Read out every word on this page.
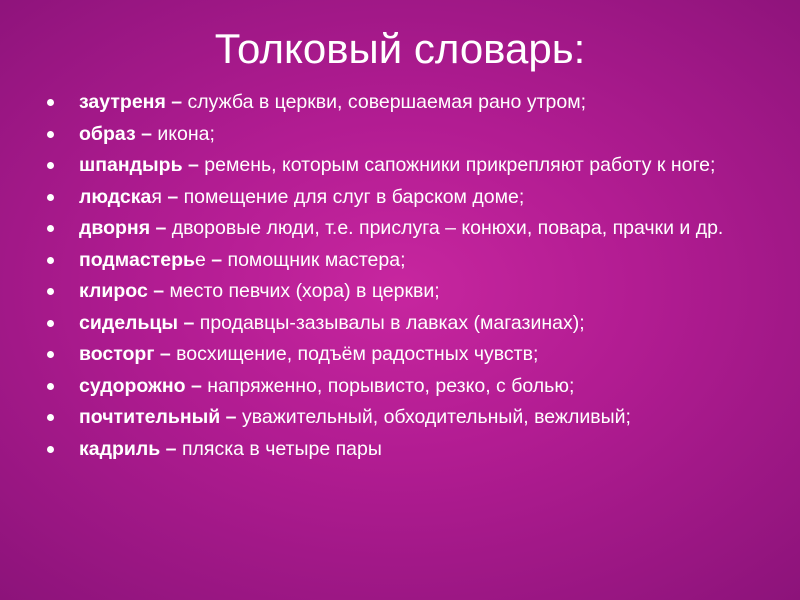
Толковый словарь:
заутреня – служба в церкви, совершаемая рано утром;
образ – икона;
шпандырь – ремень, которым сапожники прикрепляют работу к ноге;
людская – помещение для слуг в барском доме;
дворня – дворовые люди, т.е. прислуга – конюхи, повара, прачки и др.
подмастерье – помощник мастера;
клирос – место певчих (хора) в церкви;
сидельцы – продавцы-зазывалы в лавках (магазинах);
восторг – восхищение, подъём радостных чувств;
судорожно – напряженно, порывисто, резко, с болью;
почтительный – уважительный, обходительный, вежливый;
кадриль – пляска в четыре пары
